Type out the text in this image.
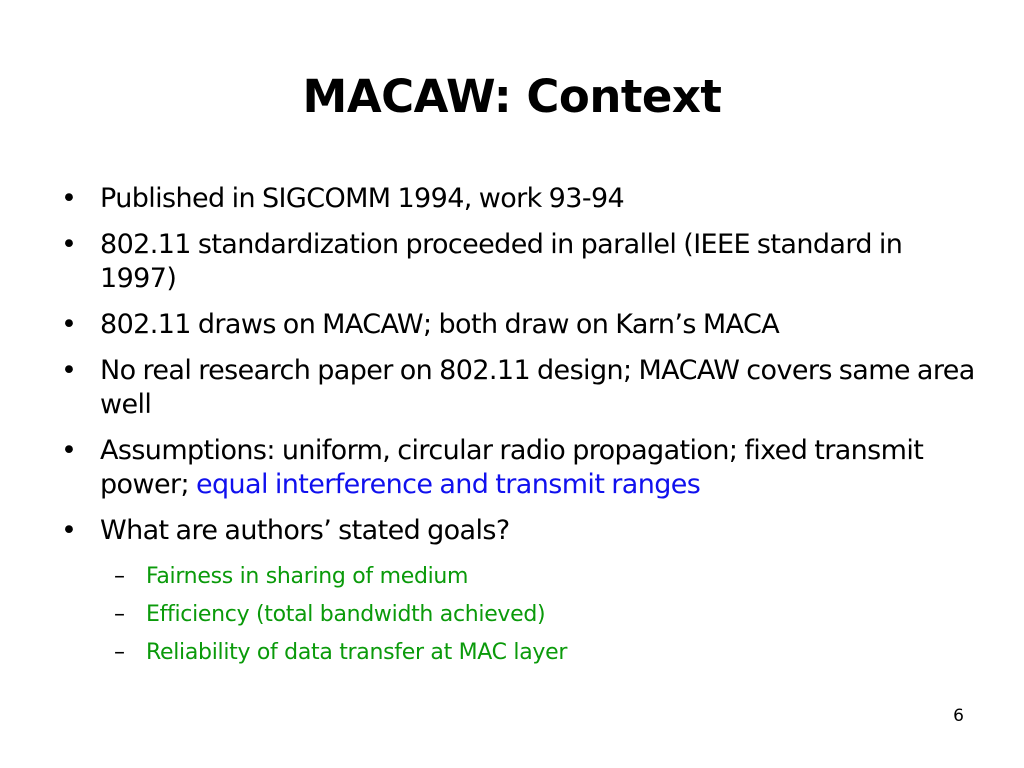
MACAW: Context
• Published in SIGCOMM 1994, work 93-94
• 802.11 standardization proceeded in parallel (IEEE standard in 1997)
• 802.11 draws on MACAW; both draw on Karn’s MACA
• No real research paper on 802.11 design; MACAW covers same area well
• Assumptions: uniform, circular radio propagation; fixed transmit power; equal interference and transmit ranges
• What are authors’ stated goals?
– Fairness in sharing of medium
– Efficiency (total bandwidth achieved)
– Reliability of data transfer at MAC layer
6
